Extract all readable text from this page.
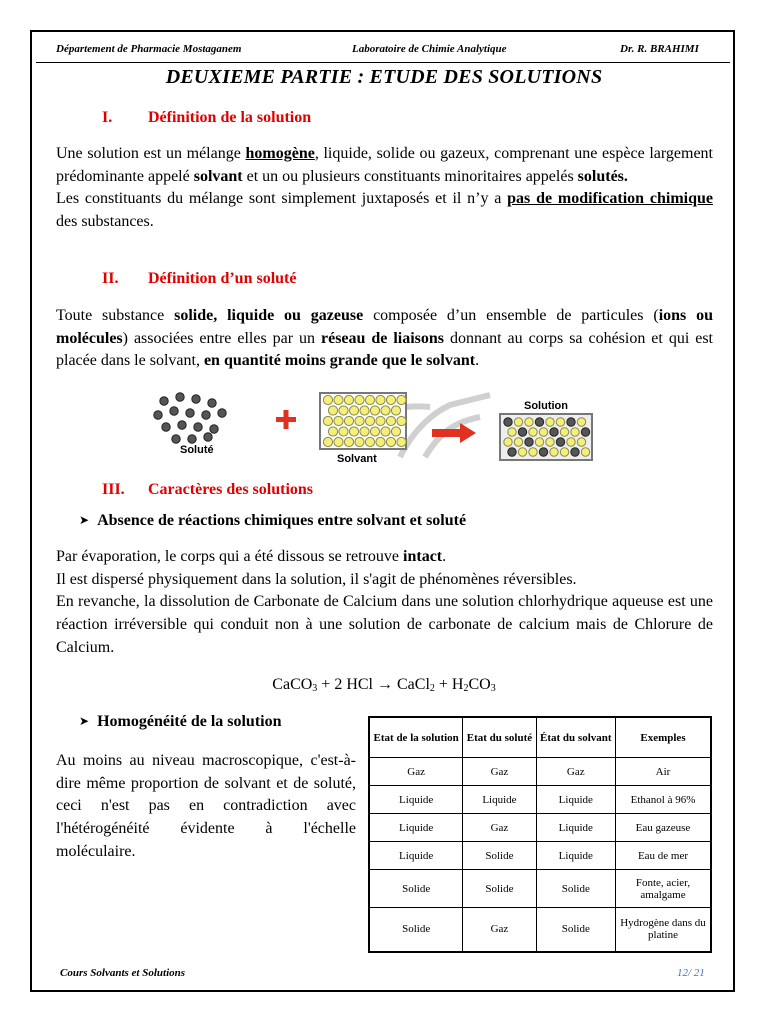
Département de Pharmacie Mostaganem	Laboratoire de Chimie Analytique	Dr. R. BRAHIMI
DEUXIEME PARTIE : ETUDE DES SOLUTIONS
I. Définition de la solution

Une solution est un mélange homogène, liquide, solide ou gazeux, comprenant une espèce largement prédominante appelé solvant et un ou plusieurs constituants minoritaires appelés solutés.

Les constituants du mélange sont simplement juxtaposés et il n’y a pas de modification chimique des substances.

II. Définition d’un soluté

Toute substance solide, liquide ou gazeuse composée d’un ensemble de particules (ions ou molécules) associées entre elles par un réseau de liaisons donnant au corps sa cohésion et qui est placée dans le solvant, en quantité moins grande que le solvant.

Soluté
Solvant
Solution
III. Caractères des solutions
➤ Absence de réactions chimiques entre solvant et soluté

Par évaporation, le corps qui a été dissous se retrouve intact.

Il est dispersé physiquement dans la solution, il s'agit de phénomènes réversibles.

En revanche, la dissolution de Carbonate de Calcium dans une solution chlorhydrique aqueuse est une réaction irréversible qui conduit non à une solution de carbonate de calcium mais de Chlorure de Calcium.

CaCO$_3$ + 2 HCl → CaCl$_2$ + $H_2CO_3$
➤ Homogénéité de la solution
Au moins au niveau macroscopique, c'est-à-dire même proportion de solvant et de soluté, ceci n'est pas en contradiction avec l'hétérogénéité évidente à l'échelle moléculaire.
Etat de la solution	Etat du soluté	État du solvant	Exemples
Gaz	Gaz	Gaz	Air
Liquide	Liquide	Liquide	Ethanol à 96%
Liquide	Gaz	Liquide	Eau gazeuse
Liquide	Solide	Liquide	Eau de mer
Solide	Solide	Solide	Fonte, acier, amalgame
Solide	Gaz	Solide	Hydrogène dans du platine
Cours Solvants et Solutions	12/ 21
